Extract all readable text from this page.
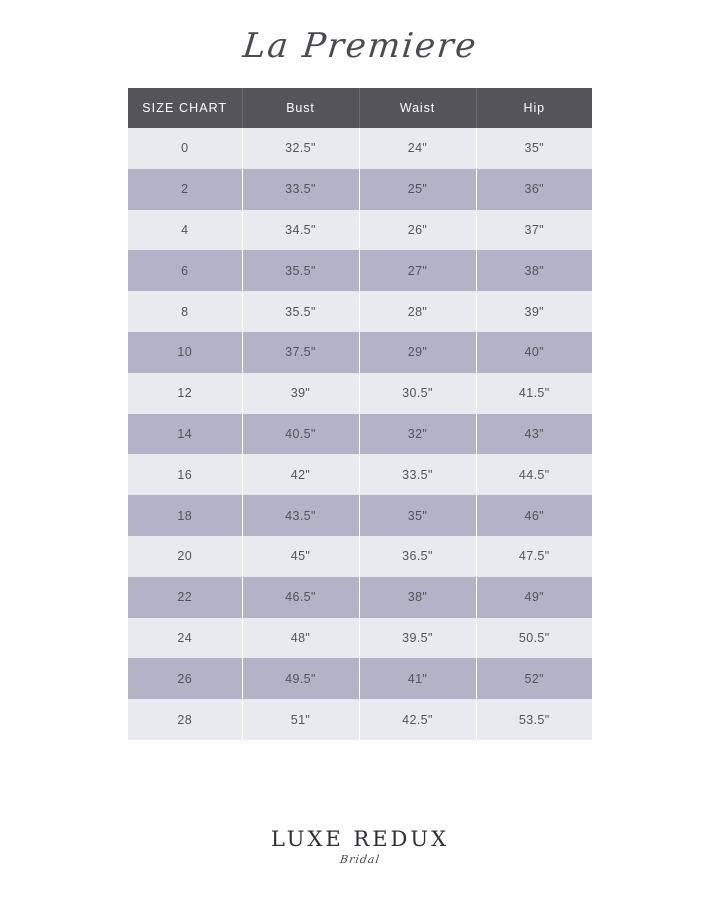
La Premiere
SIZE CHART	Bust	Waist	Hip
0	32.5"	24"	35"
2	33.5"	25"	36"
4	34.5"	26"	37"
6	35.5"	27"	38"
8	35.5"	28"	39"
10	37.5"	29"	40"
12	39"	30.5"	41.5"
14	40.5"	32"	43"
16	42"	33.5"	44.5"
18	43.5"	35"	46"
20	45"	36.5"	47.5"
22	46.5"	38"	49"
24	48"	39.5"	50.5"
26	49.5"	41"	52"
28	51"	42.5"	53.5"
LUXE REDUX
Bridal
